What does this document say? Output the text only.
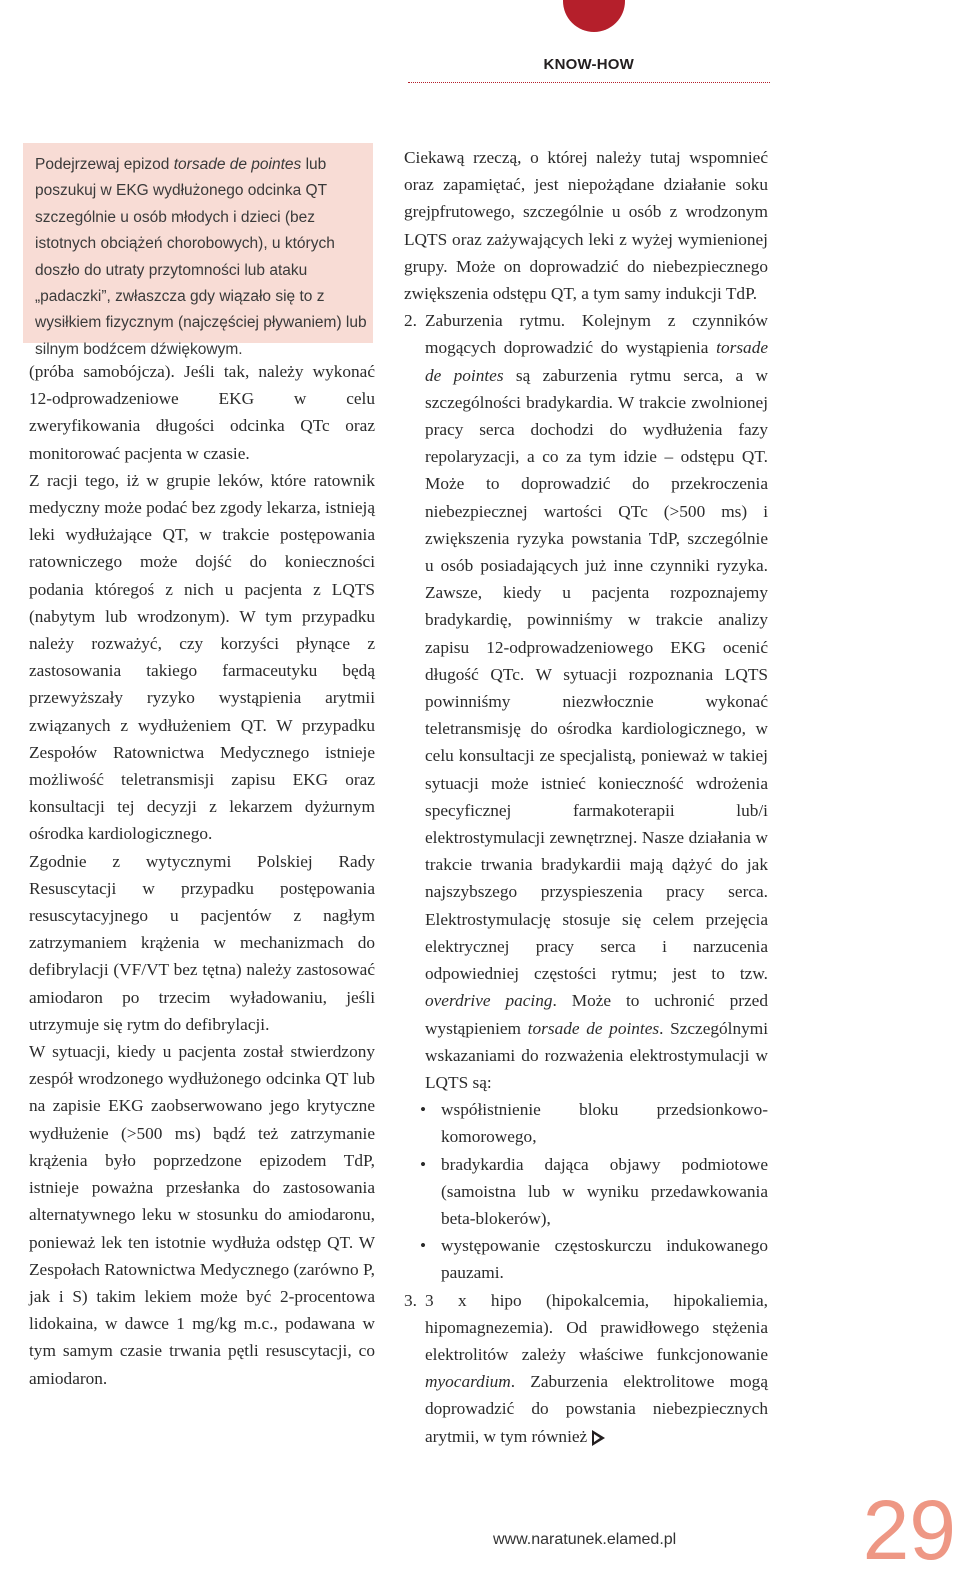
KNOW-HOW
Podejrzewaj epizod torsade de pointes lub poszukuj w EKG wydłużonego odcinka QT szczególnie u osób młodych i dzieci (bez istotnych obciążeń chorobowych), u których doszło do utraty przytomności lub ataku „padaczki”, zwłaszcza gdy wiązało się to z wysiłkiem fizycznym (najczęściej pływaniem) lub silnym bodźcem dźwiękowym.

(próba samobójcza). Jeśli tak, należy wykonać 12-odprowadzeniowe EKG w celu zweryfikowania długości odcinka QTc oraz monitorować pacjenta w czasie.

Z racji tego, iż w grupie leków, które ratownik medyczny może podać bez zgody lekarza, istnieją leki wydłużające QT, w trakcie postępowania ratowniczego może dojść do konieczności podania któregoś z nich u pacjenta z LQTS (nabytym lub wrodzonym). W tym przypadku należy rozważyć, czy korzyści płynące z zastosowania takiego farmaceutyku będą przewyższały ryzyko wystąpienia arytmii związanych z wydłużeniem QT. W przypadku Zespołów Ratownictwa Medycznego istnieje możliwość teletransmisji zapisu EKG oraz konsultacji tej decyzji z lekarzem dyżurnym ośrodka kardiologicznego.

Zgodnie z wytycznymi Polskiej Rady Resuscytacji w przypadku postępowania resuscytacyjnego u pacjentów z nagłym zatrzymaniem krążenia w mechanizmach do defibrylacji (VF/VT bez tętna) należy zastosować amiodaron po trzecim wyładowaniu, jeśli utrzymuje się rytm do defibrylacji.

W sytuacji, kiedy u pacjenta został stwierdzony zespół wrodzonego wydłużonego odcinka QT lub na zapisie EKG zaobserwowano jego krytyczne wydłużenie (>500 ms) bądź też zatrzymanie krążenia było poprzedzone epizodem TdP, istnieje poważna przesłanka do zastosowania alternatywnego leku w stosunku do amiodaronu, ponieważ lek ten istotnie wydłuża odstęp QT. W Zespołach Ratownictwa Medycznego (zarówno P, jak i S) takim lekiem może być 2-procentowa lidokaina, w dawce 1 mg/kg m.c., podawana w tym samym czasie trwania pętli resuscytacji, co amiodaron.

Ciekawą rzeczą, o której należy tutaj wspomnieć oraz zapamiętać, jest niepożądane działanie soku grejpfrutowego, szczególnie u osób z wrodzonym LQTS oraz zażywających leki z wyżej wymienionej grupy. Może on doprowadzić do niebezpiecznego zwiększenia odstępu QT, a tym samy indukcji TdP.

2. Zaburzenia rytmu. Kolejnym z czynników mogących doprowadzić do wystąpienia torsade de pointes są zaburzenia rytmu serca, a w szczególności bradykardia. W trakcie zwolnionej pracy serca dochodzi do wydłużenia fazy repolaryzacji, a co za tym idzie – odstępu QT. Może to doprowadzić do przekroczenia niebezpiecznej wartości QTc (>500 ms) i zwiększenia ryzyka powstania TdP, szczególnie u osób posiadających już inne czynniki ryzyka. Zawsze, kiedy u pacjenta rozpoznajemy bradykardię, powinniśmy w trakcie analizy zapisu 12-odprowadzeniowego EKG ocenić długość QTc. W sytuacji rozpoznania LQTS powinniśmy niezwłocznie wykonać teletransmisję do ośrodka kardiologicznego, w celu konsultacji ze specjalistą, ponieważ w takiej sytuacji może istnieć konieczność wdrożenia specyficznej farmakoterapii lub/i elektrostymulacji zewnętrznej. Nasze działania w trakcie trwania bradykardii mają dążyć do jak najszybszego przyspieszenia pracy serca. Elektrostymulację stosuje się celem przejęcia elektrycznej pracy serca i narzucenia odpowiedniej częstości rytmu; jest to tzw. overdrive pacing. Może to uchronić przed wystąpieniem torsade de pointes. Szczególnymi wskazaniami do rozważenia elektrostymulacji w LQTS są:
• współistnienie bloku przedsionkowo-komorowego,
• bradykardia dająca objawy podmiotowe (samoistna lub w wyniku przedawkowania beta-blokerów),
• występowanie częstoskurczu indukowanego pauzami.
3. 3 x hipo (hipokalcemia, hipokaliemia, hipomagnezemia). Od prawidłowego stężenia elektrolitów zależy właściwe funkcjonowanie myocardium. Zaburzenia elektrolitowe mogą doprowadzić do powstania niebezpiecznych arytmii, w tym również
www.naratunek.elamed.pl 29
